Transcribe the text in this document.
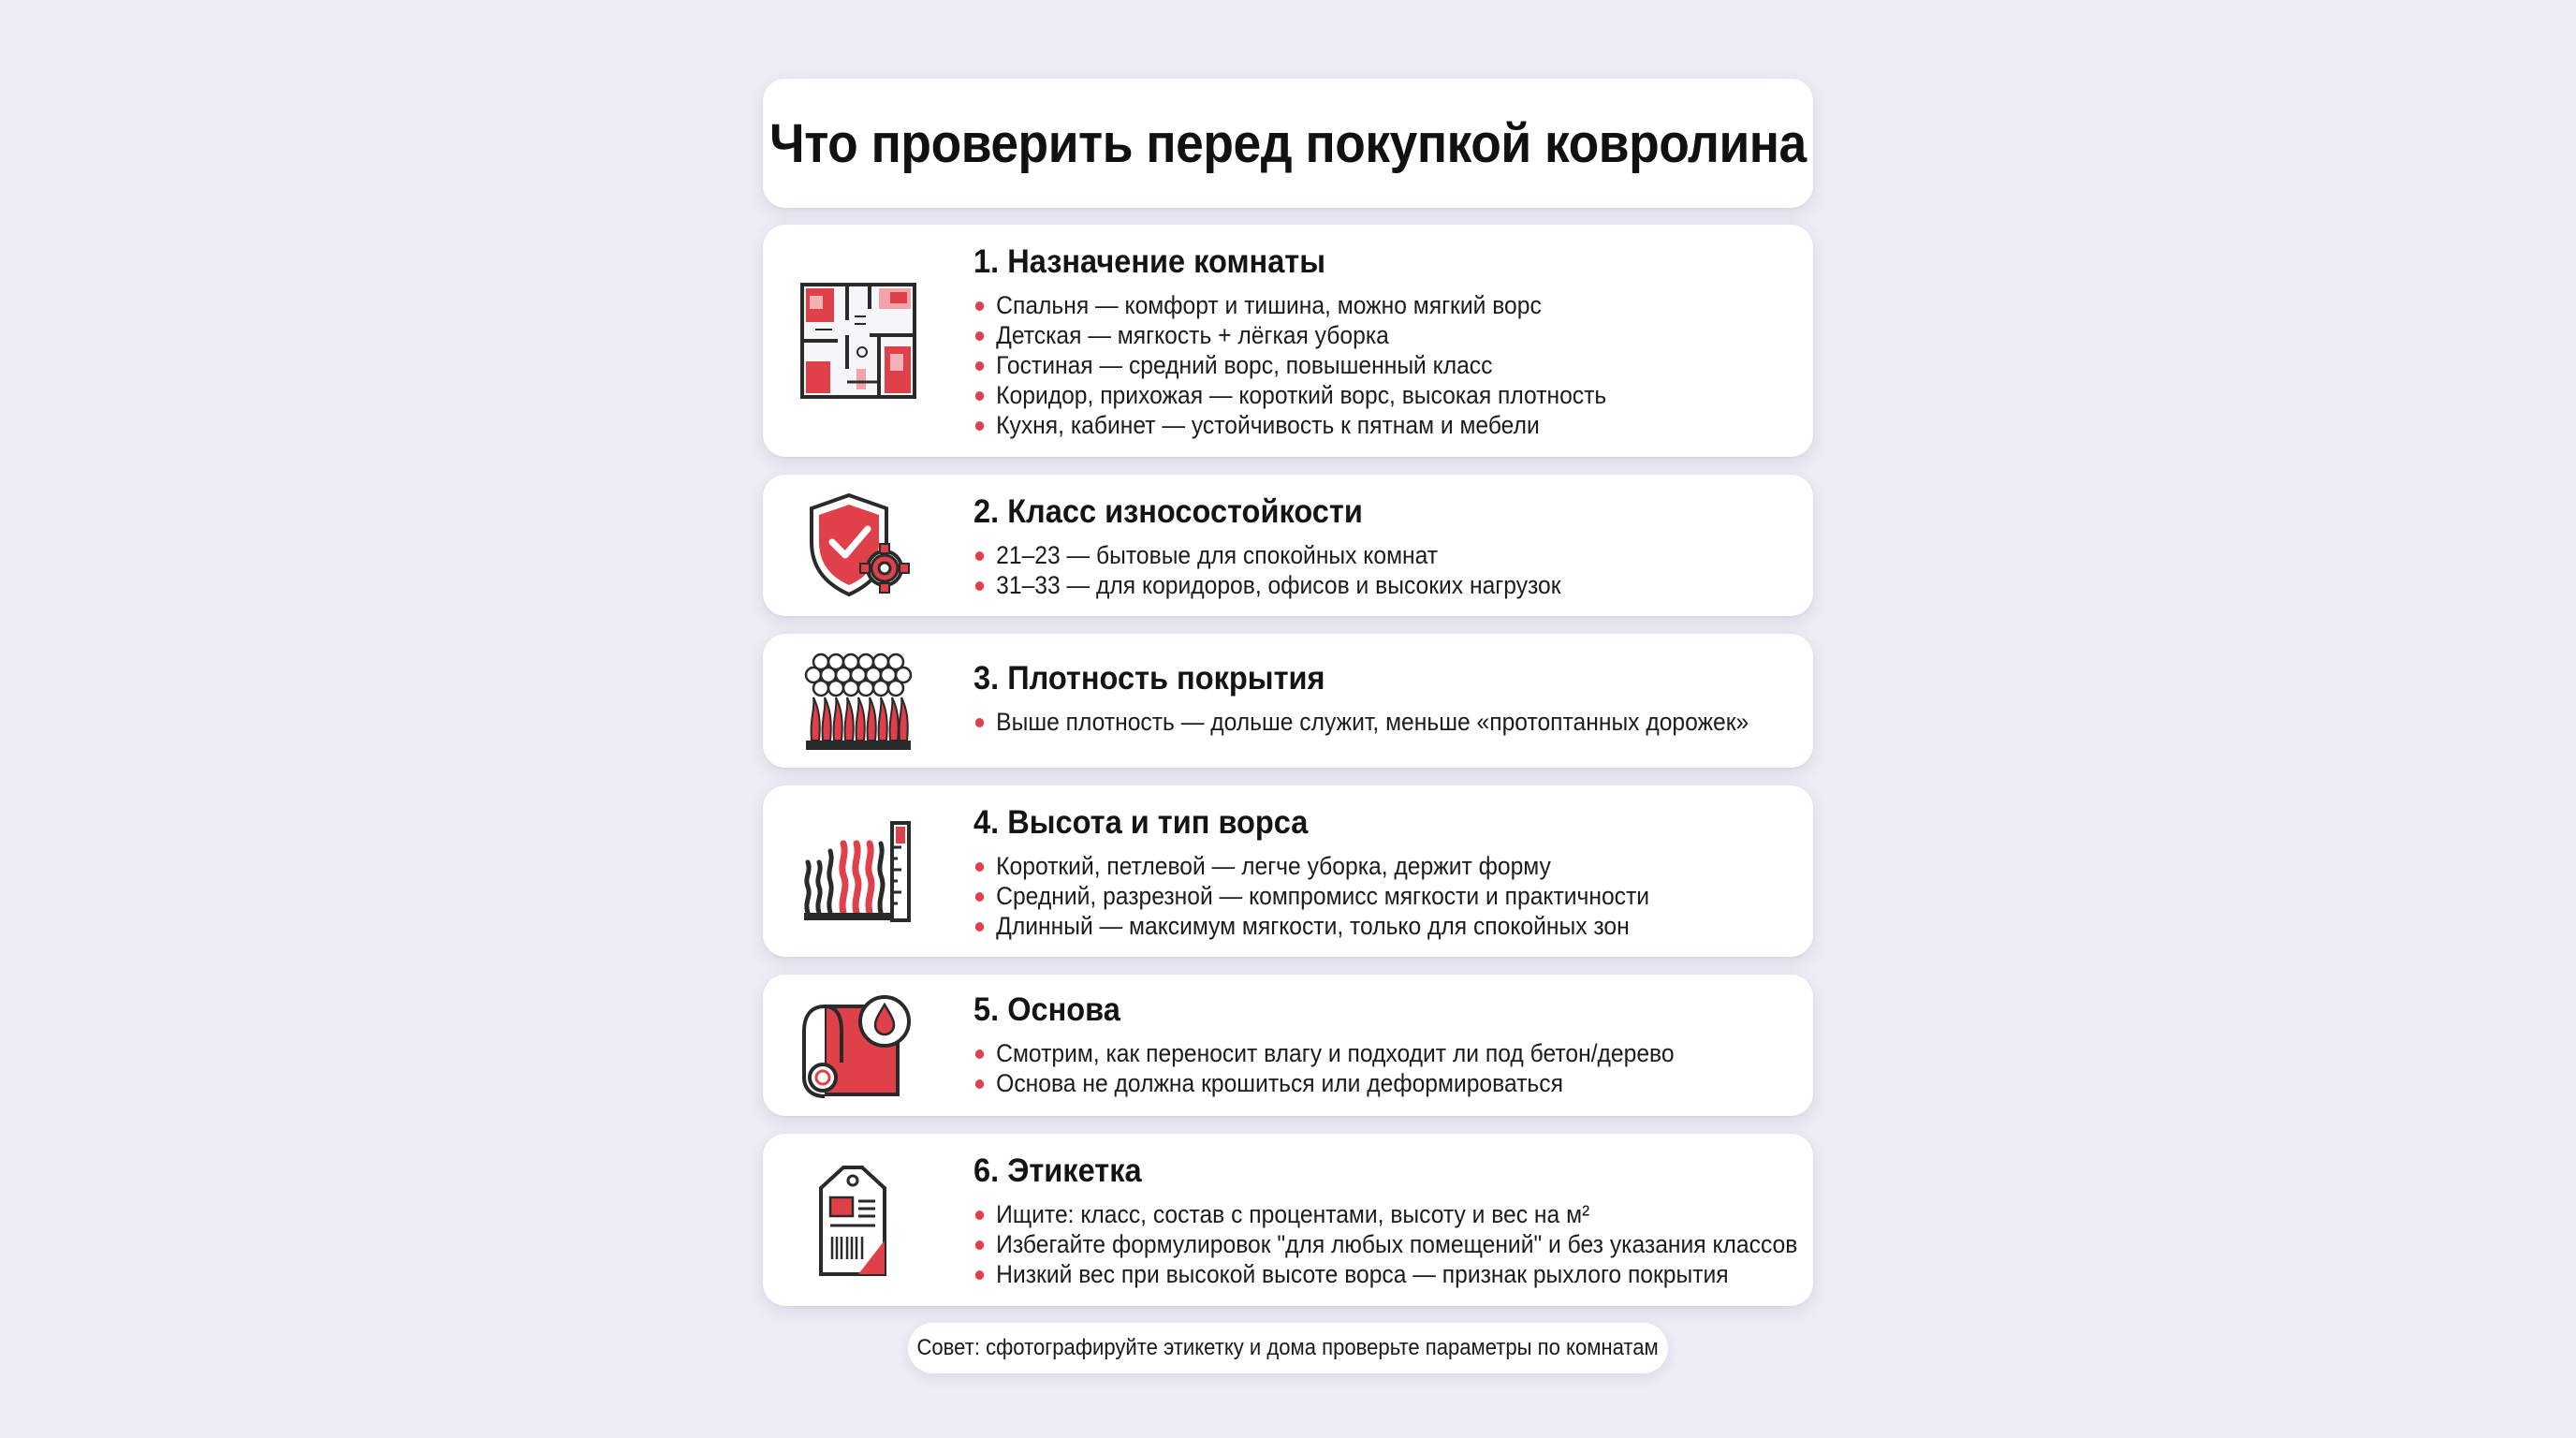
Что проверить перед покупкой ковролина
1. Назначение комнаты
Спальня — комфорт и тишина, можно мягкий ворс
Детская — мягкость + лёгкая уборка
Гостиная — средний ворс, повышенный класс
Коридор, прихожая — короткий ворс, высокая плотность
Кухня, кабинет — устойчивость к пятнам и мебели
2. Класс износостойкости
21–23 — бытовые для спокойных комнат
31–33 — для коридоров, офисов и высоких нагрузок
3. Плотность покрытия
Выше плотность — дольше служит, меньше «протоптанных дорожек»
4. Высота и тип ворса
Короткий, петлевой — легче уборка, держит форму
Средний, разрезной — компромисс мягкости и практичности
Длинный — максимум мягкости, только для спокойных зон
5. Основа
Смотрим, как переносит влагу и подходит ли под бетон/дерево
Основа не должна крошиться или деформироваться
6. Этикетка
Ищите: класс, состав с процентами, высоту и вес на м²
Избегайте формулировок "для любых помещений" и без указания классов
Низкий вес при высокой высоте ворса — признак рыхлого покрытия
Совет: сфотографируйте этикетку и дома проверьте параметры по комнатам
